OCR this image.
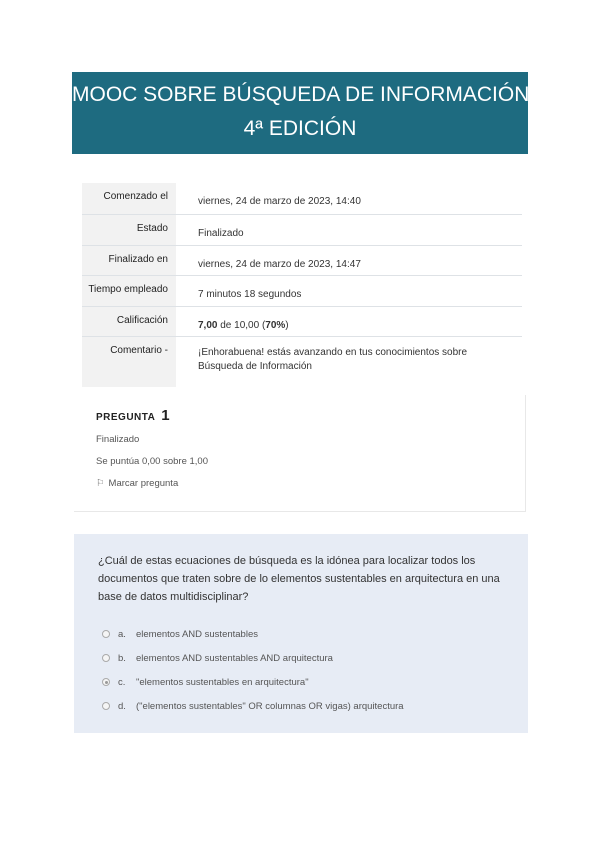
MOOC SOBRE BÚSQUEDA DE INFORMACIÓN.
4ª EDICIÓN
Comenzado el	viernes, 24 de marzo de 2023, 14:40
Estado	Finalizado
Finalizado en	viernes, 24 de marzo de 2023, 14:47
Tiempo empleado	7 minutos 18 segundos
Calificación	7,00 de 10,00 (70%)
Comentario -	¡Enhorabuena! estás avanzando en tus conocimientos sobre Búsqueda de Información
PREGUNTA 1
Finalizado
Se puntúa 0,00 sobre 1,00
⚐ Marcar pregunta
¿Cuál de estas ecuaciones de búsqueda es la idónea para localizar todos los documentos que traten sobre de lo elementos sustentables en arquitectura en una base de datos multidisciplinar?
a.	elementos AND sustentables
b.	elementos AND sustentables AND arquitectura
c.	"elementos sustentables en arquitectura"
d.	("elementos sustentables" OR columnas OR vigas) arquitectura
